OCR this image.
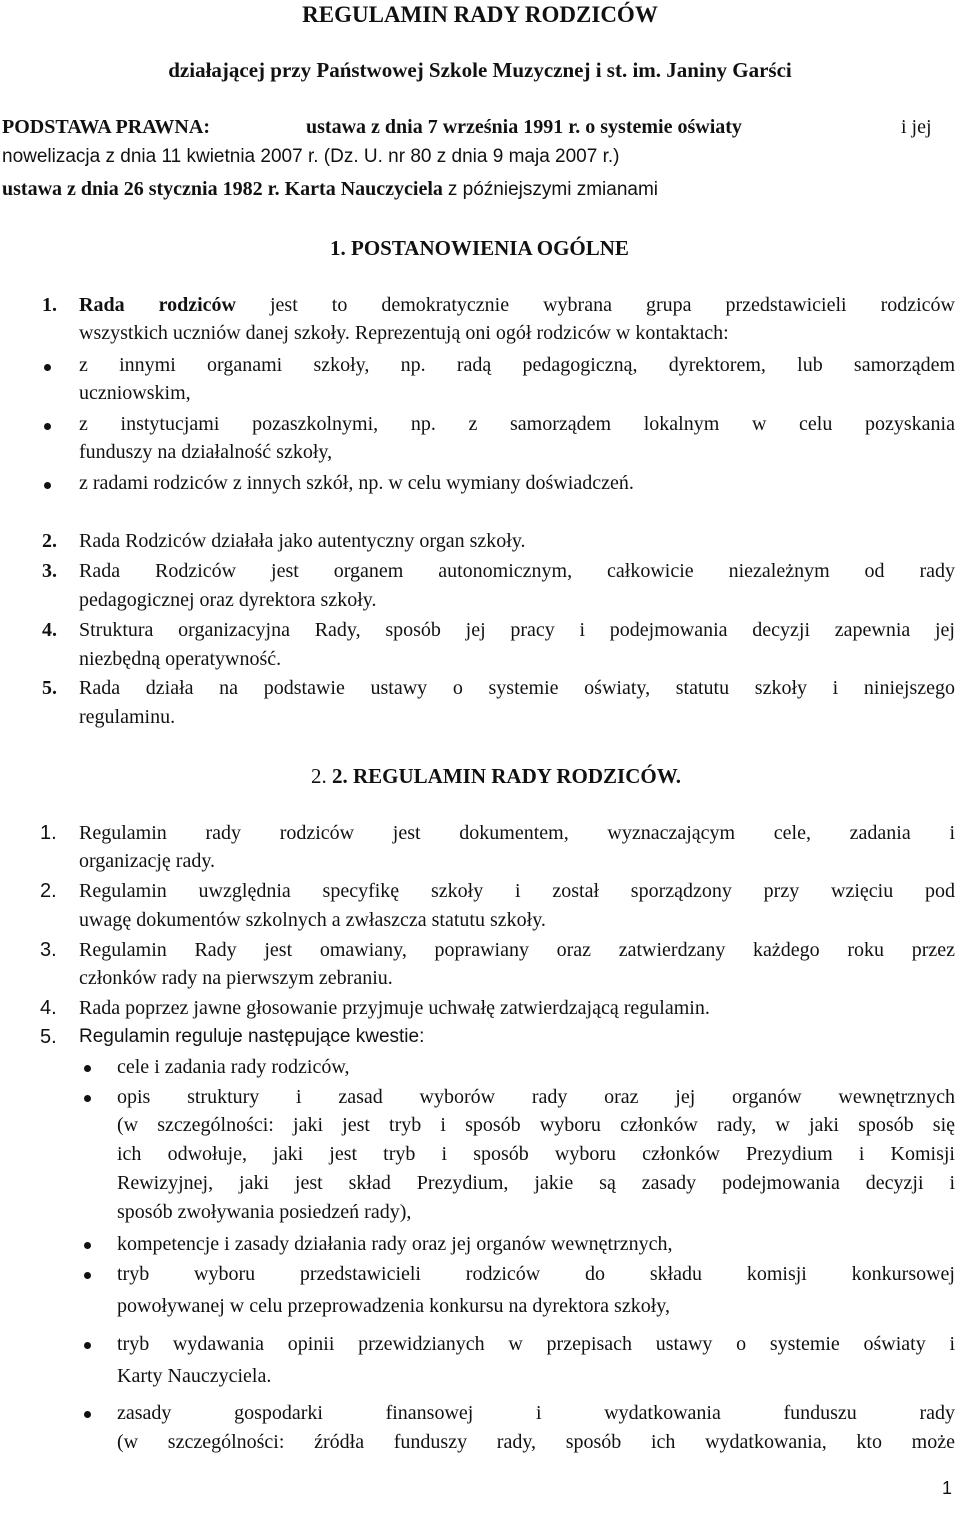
REGULAMIN RADY RODZICÓW
działającej przy Państwowej Szkole Muzycznej i st. im. Janiny Garści
PODSTAWA PRAWNA:	ustawa z dnia 7 września 1991 r. o systemie oświaty	i jej
nowelizacja z dnia 11 kwietnia 2007 r. (Dz. U. nr 80 z dnia 9 maja 2007 r.)
ustawa z dnia 26 stycznia 1982 r. Karta Nauczyciela z późniejszymi zmianami
1. POSTANOWIENIA OGÓLNE
1. Rada rodziców jest to demokratycznie wybrana grupa przedstawicieli rodziców
wszystkich uczniów danej szkoły. Reprezentują oni ogół rodziców w kontaktach:
z innymi organami szkoły, np. radą pedagogiczną, dyrektorem, lub samorządem
uczniowskim,
z instytucjami pozaszkolnymi, np. z samorządem lokalnym w celu pozyskania
funduszy na działalność szkoły,
z radami rodziców z innych szkół, np. w celu wymiany doświadczeń.
2. Rada Rodziców działała jako autentyczny organ szkoły.
3. Rada Rodziców jest organem autonomicznym, całkowicie niezależnym od rady
pedagogicznej oraz dyrektora szkoły.
4. Struktura organizacyjna Rady, sposób jej pracy i podejmowania decyzji zapewnia jej
niezbędną operatywność.
5. Rada działa na podstawie ustawy o systemie oświaty, statutu szkoły i niniejszego
regulaminu.
2. 2. REGULAMIN RADY RODZICÓW.
1. Regulamin rady rodziców jest dokumentem, wyznaczającym cele, zadania i
organizację rady.
2. Regulamin uwzględnia specyfikę szkoły i został sporządzony przy wzięciu pod
uwagę dokumentów szkolnych a zwłaszcza statutu szkoły.
3. Regulamin Rady jest omawiany, poprawiany oraz zatwierdzany każdego roku przez
członków rady na pierwszym zebraniu.
4. Rada poprzez jawne głosowanie przyjmuje uchwałę zatwierdzającą regulamin.
5. Regulamin reguluje następujące kwestie:
cele i zadania rady rodziców,
opis struktury i zasad wyborów rady oraz jej organów wewnętrznych
(w szczególności: jaki jest tryb i sposób wyboru członków rady, w jaki sposób się
ich odwołuje, jaki jest tryb i sposób wyboru członków Prezydium i Komisji
Rewizyjnej, jaki jest skład Prezydium, jakie są zasady podejmowania decyzji i
sposób zwoływania posiedzeń rady),
kompetencje i zasady działania rady oraz jej organów wewnętrznych,
tryb wyboru przedstawicieli rodziców do składu komisji konkursowej
powoływanej w celu przeprowadzenia konkursu na dyrektora szkoły,
tryb wydawania opinii przewidzianych w przepisach ustawy o systemie oświaty i
Karty Nauczyciela.
zasady gospodarki finansowej i wydatkowania funduszu rady
(w szczególności: źródła funduszy rady, sposób ich wydatkowania, kto może
1
